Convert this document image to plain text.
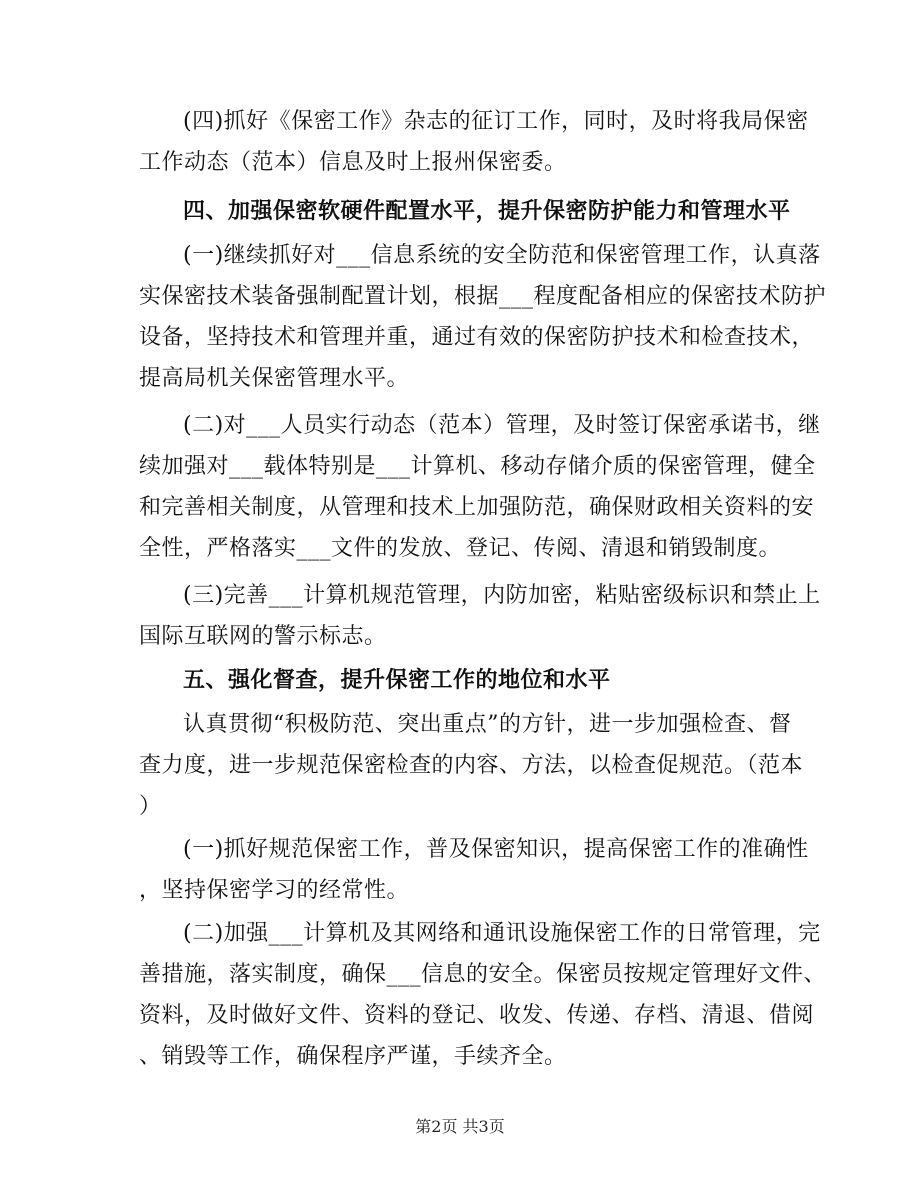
(四)抓好《保密工作》杂志的征订工作，同时，及时将我局保密
工作动态（范本）信息及时上报州保密委。
四、加强保密软硬件配置水平，提升保密防护能力和管理水平
(一)继续抓好对___信息系统的安全防范和保密管理工作，认真落
实保密技术装备强制配置计划，根据___程度配备相应的保密技术防护
设备，坚持技术和管理并重，通过有效的保密防护技术和检查技术，
提高局机关保密管理水平。
(二)对___人员实行动态（范本）管理，及时签订保密承诺书，继
续加强对___载体特别是___计算机、移动存储介质的保密管理，健全
和完善相关制度，从管理和技术上加强防范，确保财政相关资料的安
全性，严格落实___文件的发放、登记、传阅、清退和销毁制度。
(三)完善___计算机规范管理，内防加密，粘贴密级标识和禁止上
国际互联网的警示标志。
五、强化督查，提升保密工作的地位和水平
认真贯彻“积极防范、突出重点”的方针，进一步加强检查、督
查力度，进一步规范保密检查的内容、方法，以检查促规范。（范本
）
(一)抓好规范保密工作，普及保密知识，提高保密工作的准确性
，坚持保密学习的经常性。
(二)加强___计算机及其网络和通讯设施保密工作的日常管理，完
善措施，落实制度，确保___信息的安全。保密员按规定管理好文件、
资料，及时做好文件、资料的登记、收发、传递、存档、清退、借阅
、销毁等工作，确保程序严谨，手续齐全。
第2页 共3页
